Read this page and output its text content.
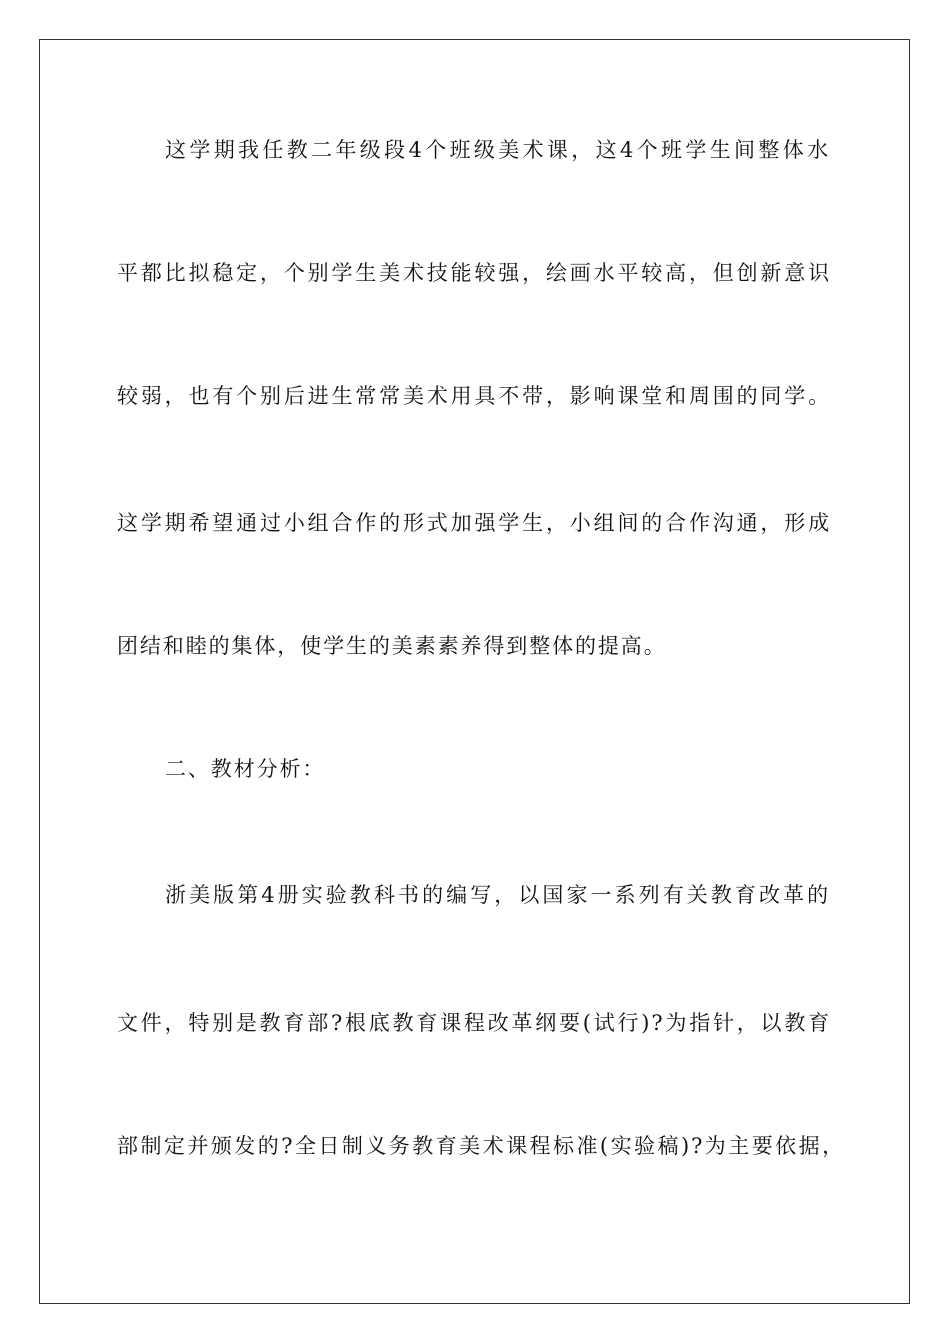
这学期我任教二年级段4个班级美术课，这4个班学生间整体水
平都比拟稳定，个别学生美术技能较强，绘画水平较高，但创新意识
较弱，也有个别后进生常常美术用具不带，影响课堂和周围的同学。
这学期希望通过小组合作的形式加强学生，小组间的合作沟通，形成
团结和睦的集体，使学生的美素素养得到整体的提高。
二、教材分析：
浙美版第4册实验教科书的编写，以国家一系列有关教育改革的
文件，特别是教育部?根底教育课程改革纲要(试行)?为指针，以教育
部制定并颁发的?全日制义务教育美术课程标准(实验稿)?为主要依据，
